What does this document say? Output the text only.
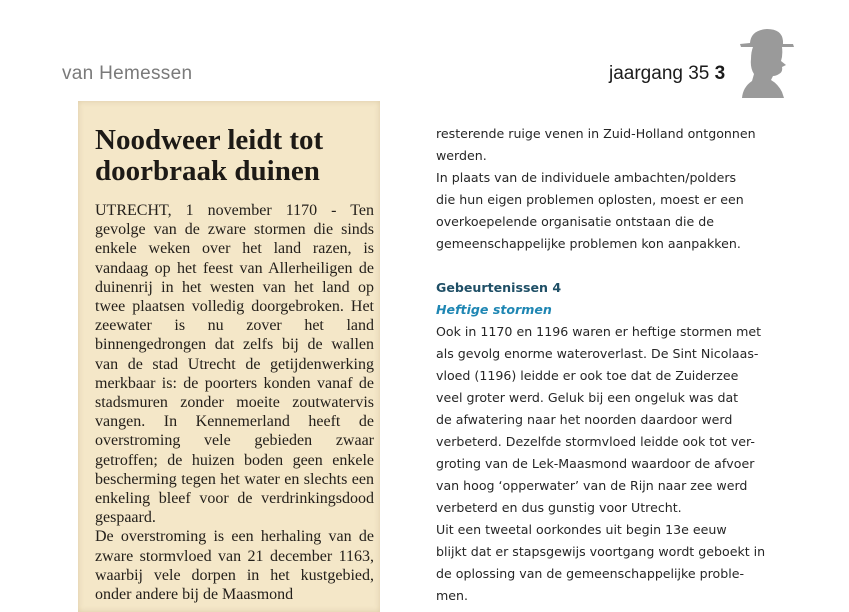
van Hemessen	jaargang 35 3
Noodweer leidt tot doorbraak duinen

UTRECHT, 1 november 1170 - Ten gevolge van de zware stormen die sinds enkele weken over het land razen, is vandaag op het feest van Allerheiligen de duinenrij in het westen van het land op twee plaatsen volledig doorgebroken. Het zeewater is nu zover het land binnengedrongen dat zelfs bij de wallen van de stad Utrecht de getijdenwerking merkbaar is: de poorters konden vanaf de stadsmuren zonder moeite zoutwatervis vangen. In Kennemerland heeft de overstroming vele gebieden zwaar getroffen; de huizen boden geen enkele bescherming tegen het water en slechts een enkeling bleef voor de verdrinkingsdood gespaard.

De overstroming is een herhaling van de zware stormvloed van 21 december 1163, waarbij vele dorpen in het kustgebied, onder andere bij de Maasmond

resterende ruige venen in Zuid-Holland ontgonnen
werden.
In plaats van de individuele ambachten/polders
die hun eigen problemen oplosten, moest er een
overkoepelende organisatie ontstaan die de
gemeenschappelijke problemen kon aanpakken.
Gebeurtenissen 4
Heftige stormen
Ook in 1170 en 1196 waren er heftige stormen met
als gevolg enorme wateroverlast. De Sint Nicolaas-
vloed (1196) leidde er ook toe dat de Zuiderzee
veel groter werd. Geluk bij een ongeluk was dat
de afwatering naar het noorden daardoor werd
verbeterd. Dezelfde stormvloed leidde ook tot ver-
groting van de Lek-Maasmond waardoor de afvoer
van hoog ‘opperwater’ van de Rijn naar zee werd
verbeterd en dus gunstig voor Utrecht.
Uit een tweetal oorkondes uit begin 13e eeuw
blijkt dat er stapsgewijs voortgang wordt geboekt in
de oplossing van de gemeenschappelijke proble-
men.
